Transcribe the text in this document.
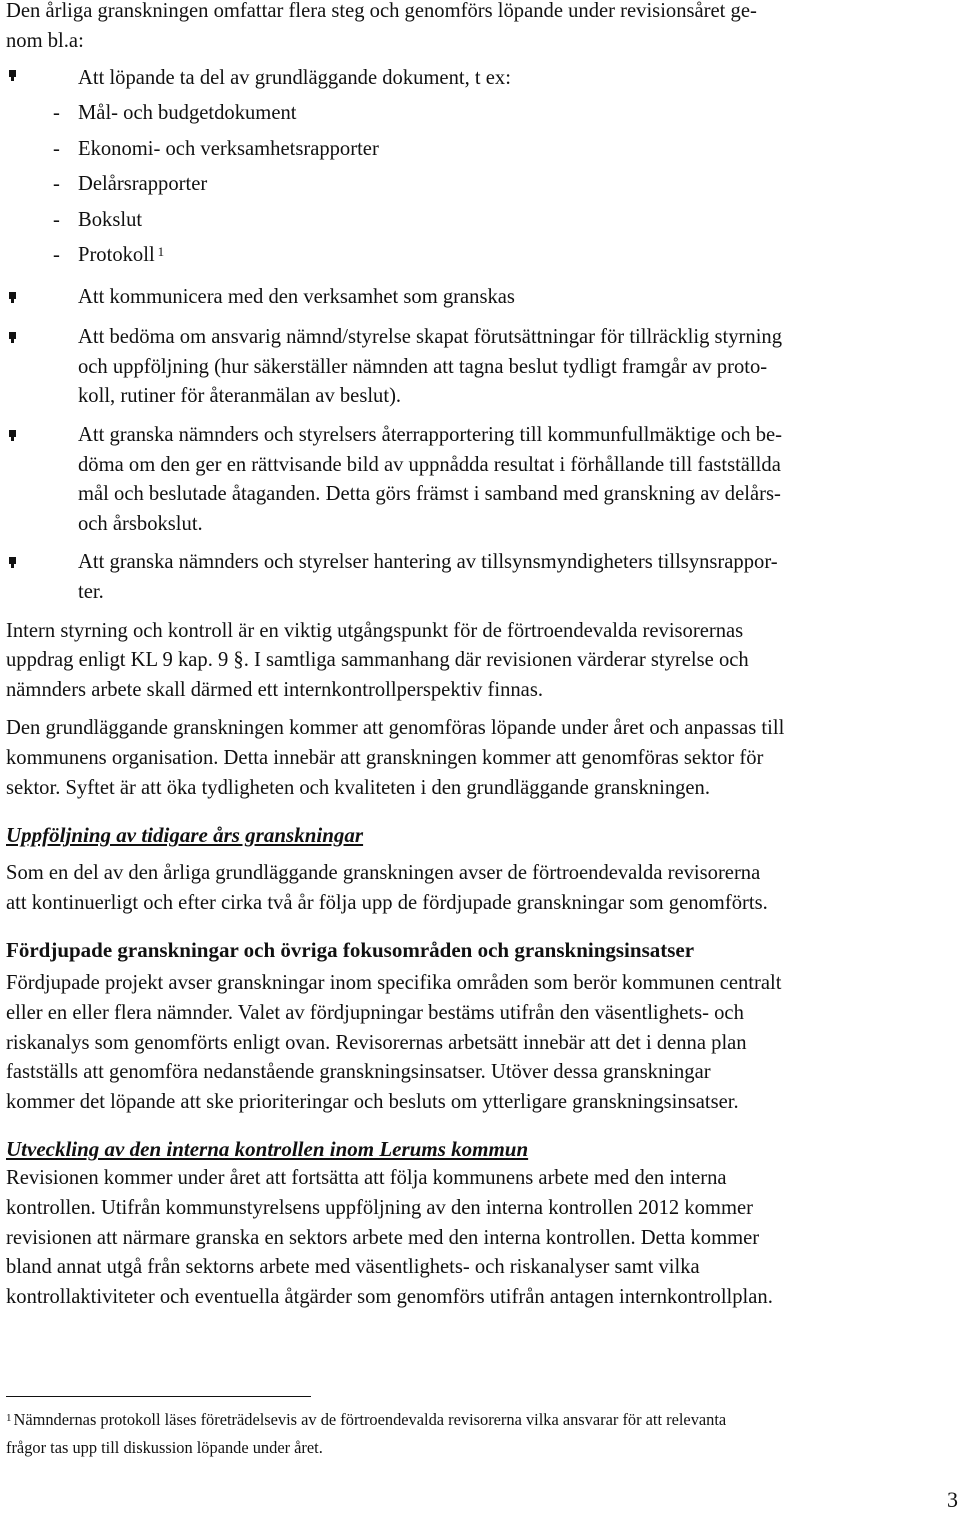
Den årliga granskningen omfattar flera steg och genomförs löpande under revisionsåret ge-
nom bl.a:

Att löpande ta del av grundläggande dokument, t ex:
- Mål- och budgetdokument
- Ekonomi- och verksamhetsrapporter
- Delårsrapporter
- Bokslut
- Protokoll $^1$
Att kommunicera med den verksamhet som granskas
Att bedöma om ansvarig nämnd/styrelse skapat förutsättningar för tillräcklig styrning
och uppföljning (hur säkerställer nämnden att tagna beslut tydligt framgår av proto-
koll, rutiner för återanmälan av beslut).
Att granska nämnders och styrelsers återrapportering till kommunfullmäktige och be-
döma om den ger en rättvisande bild av uppnådda resultat i förhållande till fastställda
mål och beslutade åtaganden. Detta görs främst i samband med granskning av delårs-
och årsbokslut.
Att granska nämnders och styrelser hantering av tillsynsmyndigheters tillsynsrappor-
ter.

Intern styrning och kontroll är en viktig utgångspunkt för de förtroendevalda revisorernas
uppdrag enligt KL 9 kap. 9 §. I samtliga sammanhang där revisionen värderar styrelse och
nämnders arbete skall därmed ett internkontrollperspektiv finnas.

Den grundläggande granskningen kommer att genomföras löpande under året och anpassas till
kommunens organisation. Detta innebär att granskningen kommer att genomföras sektor för
sektor. Syftet är att öka tydligheten och kvaliteten i den grundläggande granskningen.

Uppföljning av tidigare års granskningar

Som en del av den årliga grundläggande granskningen avser de förtroendevalda revisorerna
att kontinuerligt och efter cirka två år följa upp de fördjupade granskningar som genomförts.

Fördjupade granskningar och övriga fokusområden och granskningsinsatser

Fördjupade projekt avser granskningar inom specifika områden som berör kommunen centralt
eller en eller flera nämnder. Valet av fördjupningar bestäms utifrån den väsentlighets- och
riskanalys som genomförts enligt ovan. Revisorernas arbetsätt innebär att det i denna plan
fastställs att genomföra nedanstående granskningsinsatser. Utöver dessa granskningar
kommer det löpande att ske prioriteringar och besluts om ytterligare granskningsinsatser.

Utveckling av den interna kontrollen inom Lerums kommun

Revisionen kommer under året att fortsätta att följa kommunens arbete med den interna
kontrollen. Utifrån kommunstyrelsens uppföljning av den interna kontrollen 2012 kommer
revisionen att närmare granska en sektors arbete med den interna kontrollen. Detta kommer
bland annat utgå från sektorns arbete med väsentlighets- och riskanalyser samt vilka
kontrollaktiviteter och eventuella åtgärder som genomförs utifrån antagen internkontrollplan.

$^1$ Nämndernas protokoll läses företrädelsevis av de förtroendevalda revisorerna vilka ansvarar för att relevanta
frågor tas upp till diskussion löpande under året.

3
